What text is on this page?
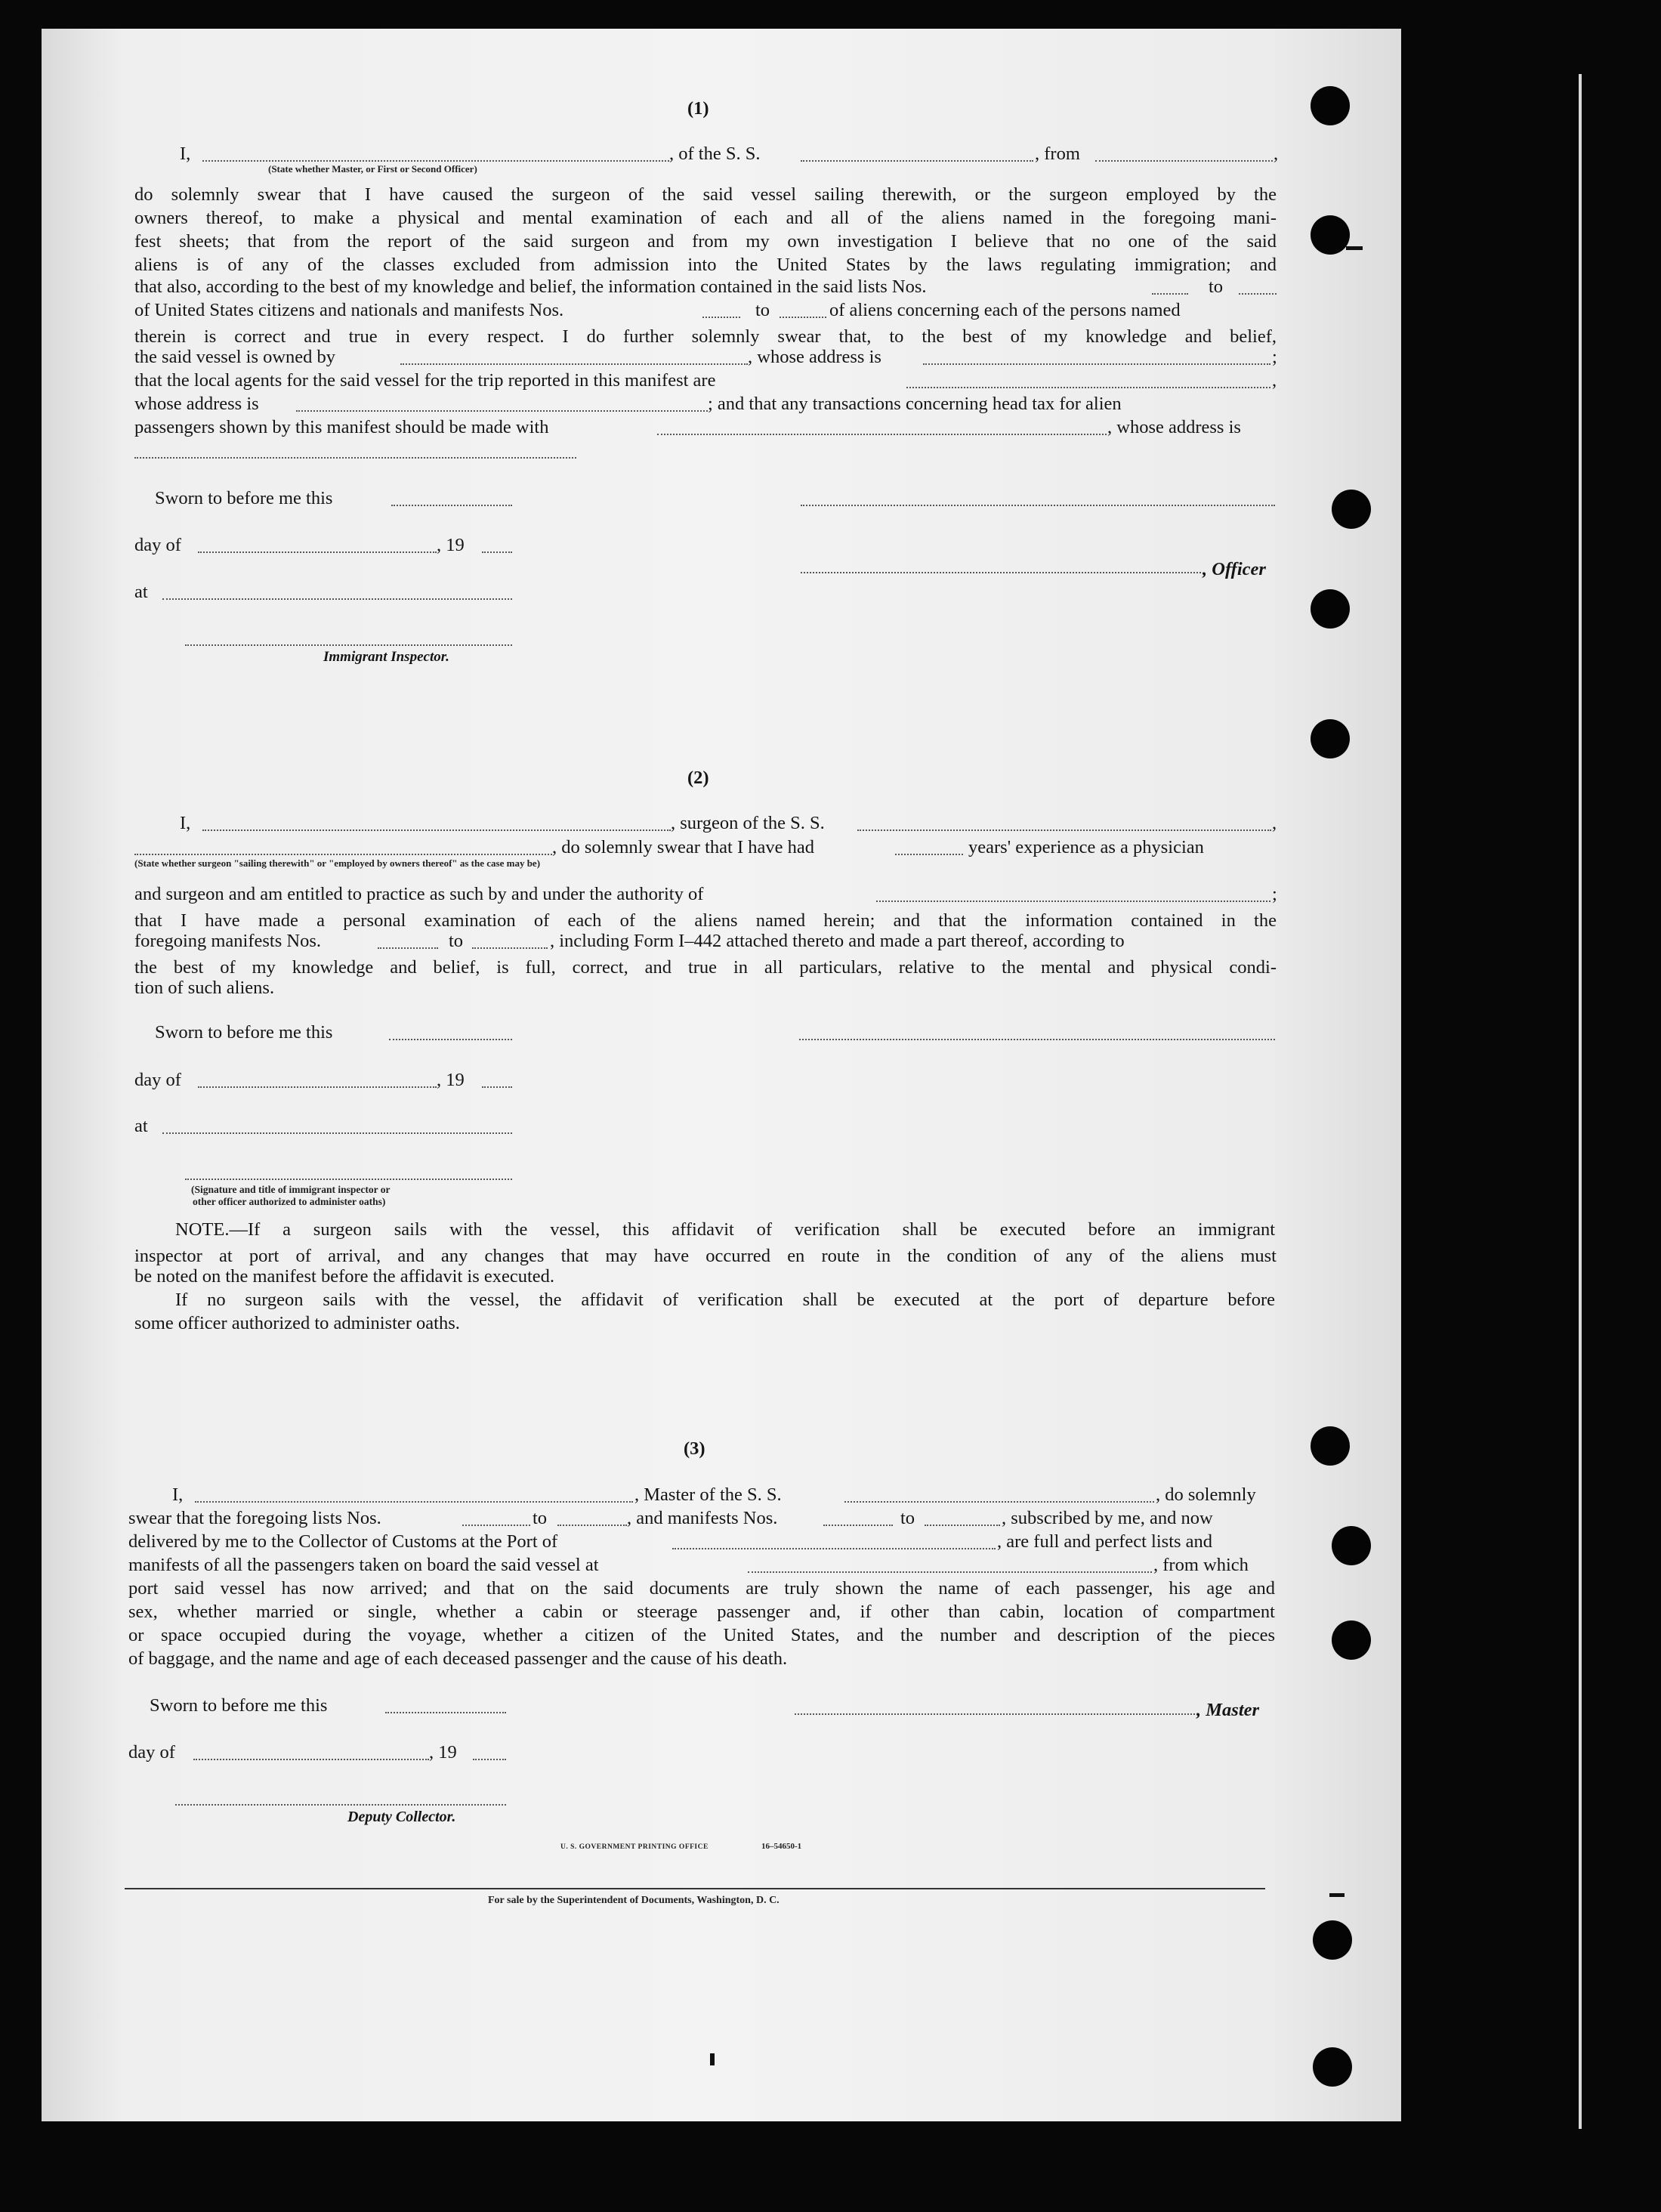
(1)
I,	, of the S. S.	, from	,
(State whether Master, or First or Second Officer)
do solemnly swear that I have caused the surgeon of the said vessel sailing therewith, or the surgeon employed by the
owners thereof, to make a physical and mental examination of each and all of the aliens named in the foregoing mani-
fest sheets; that from the report of the said surgeon and from my own investigation I believe that no one of the said
aliens is of any of the classes excluded from admission into the United States by the laws regulating immigration; and
that also, according to the best of my knowledge and belief, the information contained in the said lists Nos.	to
of United States citizens and nationals and manifests Nos.	to	of aliens concerning each of the persons named
therein is correct and true in every respect. I do further solemnly swear that, to the best of my knowledge and belief,
the said vessel is owned by	, whose address is	;
that the local agents for the said vessel for the trip reported in this manifest are	,
whose address is	; and that any transactions concerning head tax for alien
passengers shown by this manifest should be made with	, whose address is
Sworn to before me this
day of	, 19
, Officer
at
Immigrant Inspector.
(2)
I,	, surgeon of the S. S.	,
, do solemnly swear that I have had	years' experience as a physician
(State whether surgeon "sailing therewith" or "employed by owners thereof" as the case may be)
and surgeon and am entitled to practice as such by and under the authority of	;
that I have made a personal examination of each of the aliens named herein; and that the information contained in the
foregoing manifests Nos.	to	, including Form I–442 attached thereto and made a part thereof, according to
the best of my knowledge and belief, is full, correct, and true in all particulars, relative to the mental and physical condi-
tion of such aliens.
Sworn to before me this
day of	, 19
at
(Signature and title of immigrant inspector or
other officer authorized to administer oaths)
NOTE.—If a surgeon sails with the vessel, this affidavit of verification shall be executed before an immigrant
inspector at port of arrival, and any changes that may have occurred en route in the condition of any of the aliens must
be noted on the manifest before the affidavit is executed.
If no surgeon sails with the vessel, the affidavit of verification shall be executed at the port of departure before
some officer authorized to administer oaths.
(3)
I,	, Master of the S. S.	, do solemnly
swear that the foregoing lists Nos.	to	, and manifests Nos.	to	, subscribed by me, and now
delivered by me to the Collector of Customs at the Port of	, are full and perfect lists and
manifests of all the passengers taken on board the said vessel at	, from which
port said vessel has now arrived; and that on the said documents are truly shown the name of each passenger, his age and
sex, whether married or single, whether a cabin or steerage passenger and, if other than cabin, location of compartment
or space occupied during the voyage, whether a citizen of the United States, and the number and description of the pieces
of baggage, and the name and age of each deceased passenger and the cause of his death.
Sworn to before me this	, Master
day of	, 19
Deputy Collector.
U. S. GOVERNMENT PRINTING OFFICE	16–54650-1
For sale by the Superintendent of Documents, Washington, D. C.
